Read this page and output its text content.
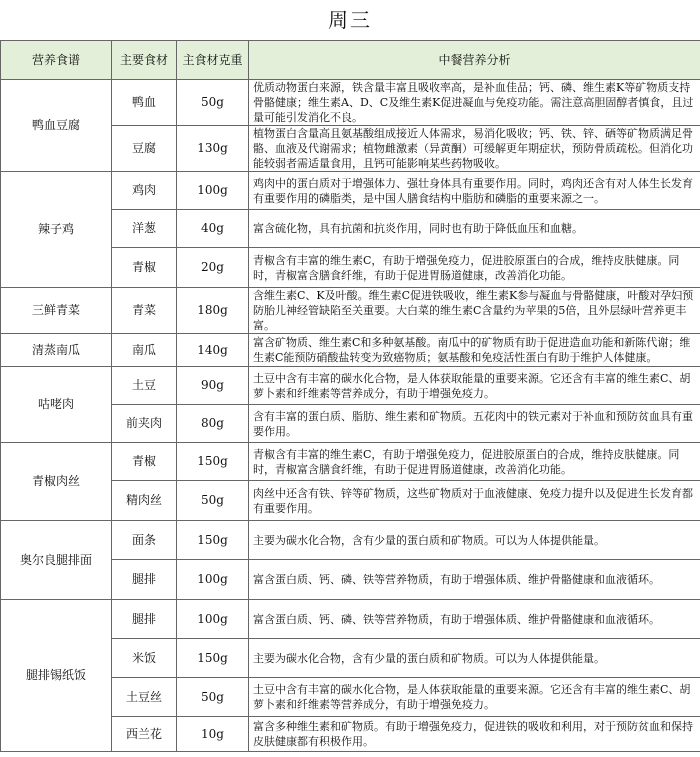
周三
营养食谱	主要食材	主食材克重	中餐营养分析
鸭血豆腐	鸭血	50g	优质动物蛋白来源，铁含量丰富且吸收率高，是补血佳品；钙、磷、维生素K等矿物质支持骨骼健康；维生素A、D、C及维生素K促进凝血与免疫功能。需注意高胆固醇者慎食，且过量可能引发消化不良。
	豆腐	130g	植物蛋白含量高且氨基酸组成接近人体需求，易消化吸收；钙、铁、锌、硒等矿物质满足骨骼、血液及代谢需求；植物雌激素（异黄酮）可缓解更年期症状，预防骨质疏松。但消化功能较弱者需适量食用，且钙可能影响某些药物吸收。
辣子鸡	鸡肉	100g	鸡肉中的蛋白质对于增强体力、强壮身体具有重要作用。同时，鸡肉还含有对人体生长发育有重要作用的磷脂类，是中国人膳食结构中脂肪和磷脂的重要来源之一。
	洋葱	40g	富含硫化物，具有抗菌和抗炎作用，同时也有助于降低血压和血糖。
	青椒	20g	青椒含有丰富的维生素C，有助于增强免疫力，促进胶原蛋白的合成，维持皮肤健康。同时，青椒富含膳食纤维，有助于促进胃肠道健康，改善消化功能。
三鲜青菜	青菜	180g	含维生素C、K及叶酸。维生素C促进铁吸收，维生素K参与凝血与骨骼健康，叶酸对孕妇预防胎儿神经管缺陷至关重要。大白菜的维生素C含量约为苹果的5倍，且外层绿叶营养更丰富。
清蒸南瓜	南瓜	140g	富含矿物质、维生素C和多种氨基酸。南瓜中的矿物质有助于促进造血功能和新陈代谢；维生素C能预防硝酸盐转变为致癌物质；氨基酸和免疫活性蛋白有助于维护人体健康。
咕咾肉	土豆	90g	土豆中含有丰富的碳水化合物，是人体获取能量的重要来源。它还含有丰富的维生素C、胡萝卜素和纤维素等营养成分，有助于增强免疫力。
	前夹肉	80g	含有丰富的蛋白质、脂肪、维生素和矿物质。五花肉中的铁元素对于补血和预防贫血具有重要作用。
青椒肉丝	青椒	150g	青椒含有丰富的维生素C，有助于增强免疫力，促进胶原蛋白的合成，维持皮肤健康。同时，青椒富含膳食纤维，有助于促进胃肠道健康，改善消化功能。
	精肉丝	50g	肉丝中还含有铁、锌等矿物质，这些矿物质对于血液健康、免疫力提升以及促进生长发育都有重要作用。
奥尔良腿排面	面条	150g	主要为碳水化合物，含有少量的蛋白质和矿物质。可以为人体提供能量。
	腿排	100g	富含蛋白质、钙、磷、铁等营养物质，有助于增强体质、维护骨骼健康和血液循环。
腿排锡纸饭	腿排	100g	富含蛋白质、钙、磷、铁等营养物质，有助于增强体质、维护骨骼健康和血液循环。
	米饭	150g	主要为碳水化合物，含有少量的蛋白质和矿物质。可以为人体提供能量。
	土豆丝	50g	土豆中含有丰富的碳水化合物，是人体获取能量的重要来源。它还含有丰富的维生素C、胡萝卜素和纤维素等营养成分，有助于增强免疫力。
	西兰花	10g	富含多种维生素和矿物质。有助于增强免疫力，促进铁的吸收和利用，对于预防贫血和保持皮肤健康都有积极作用。
